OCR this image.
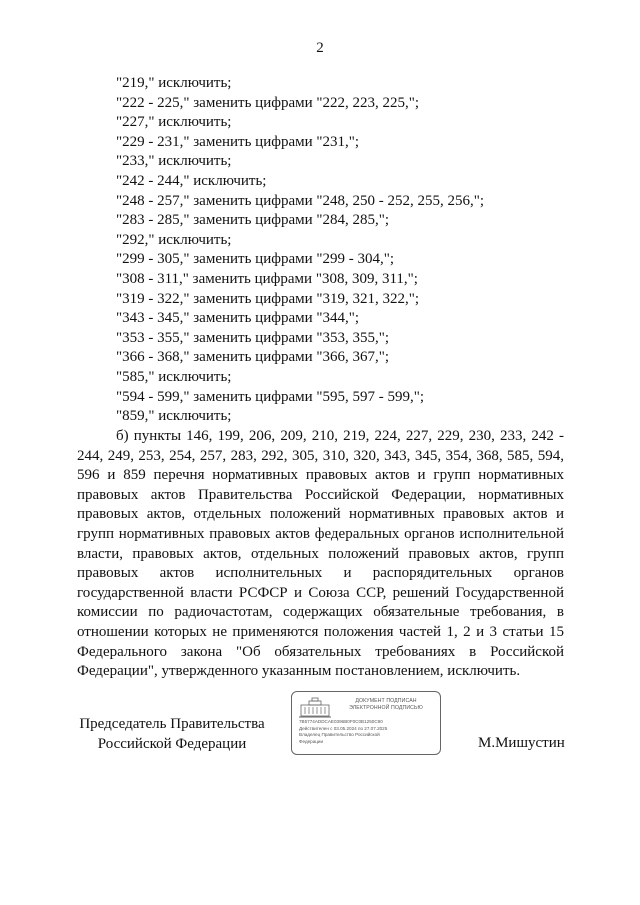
2
"219," исключить;
"222 - 225," заменить цифрами "222, 223, 225,";
"227," исключить;
"229 - 231," заменить цифрами "231,";
"233," исключить;
"242 - 244," исключить;
"248 - 257," заменить цифрами "248, 250 - 252, 255, 256,";
"283 - 285," заменить цифрами "284, 285,";
"292," исключить;
"299 - 305," заменить цифрами "299 - 304,";
"308 - 311," заменить цифрами "308, 309, 311,";
"319 - 322," заменить цифрами "319, 321, 322,";
"343 - 345," заменить цифрами "344,";
"353 - 355," заменить цифрами "353, 355,";
"366 - 368," заменить цифрами "366, 367,";
"585," исключить;
"594 - 599," заменить цифрами "595, 597 - 599,";
"859," исключить;
б) пункты 146, 199, 206, 209, 210, 219, 224, 227, 229, 230, 233, 242 - 244, 249, 253, 254, 257, 283, 292, 305, 310, 320, 343, 345, 354, 368, 585, 594, 596 и 859 перечня нормативных правовых актов и групп нормативных правовых актов Правительства Российской Федерации, нормативных правовых актов, отдельных положений нормативных правовых актов и групп нормативных правовых актов федеральных органов исполнительной власти, правовых актов, отдельных положений правовых актов, групп правовых актов исполнительных и распорядительных органов государственной власти РСФСР и Союза ССР, решений Государственной комиссии по радиочастотам, содержащих обязательные требования, в отношении которых не применяются положения частей 1, 2 и 3 статьи 15 Федерального закона "Об обязательных требованиях в Российской Федерации", утвержденного указанным постановлением, исключить.
Председатель Правительства
Российской Федерации
ДОКУМЕНТ ПОДПИСАН
ЭЛЕКТРОННОЙ ПОДПИСЬЮ
7B5774ADDCAE0396B0F0C0B1250C90
Действителен с 03.05.2024 по 27.07.2025
Владелец Правительство Российской
Федерации	М.Мишустин
